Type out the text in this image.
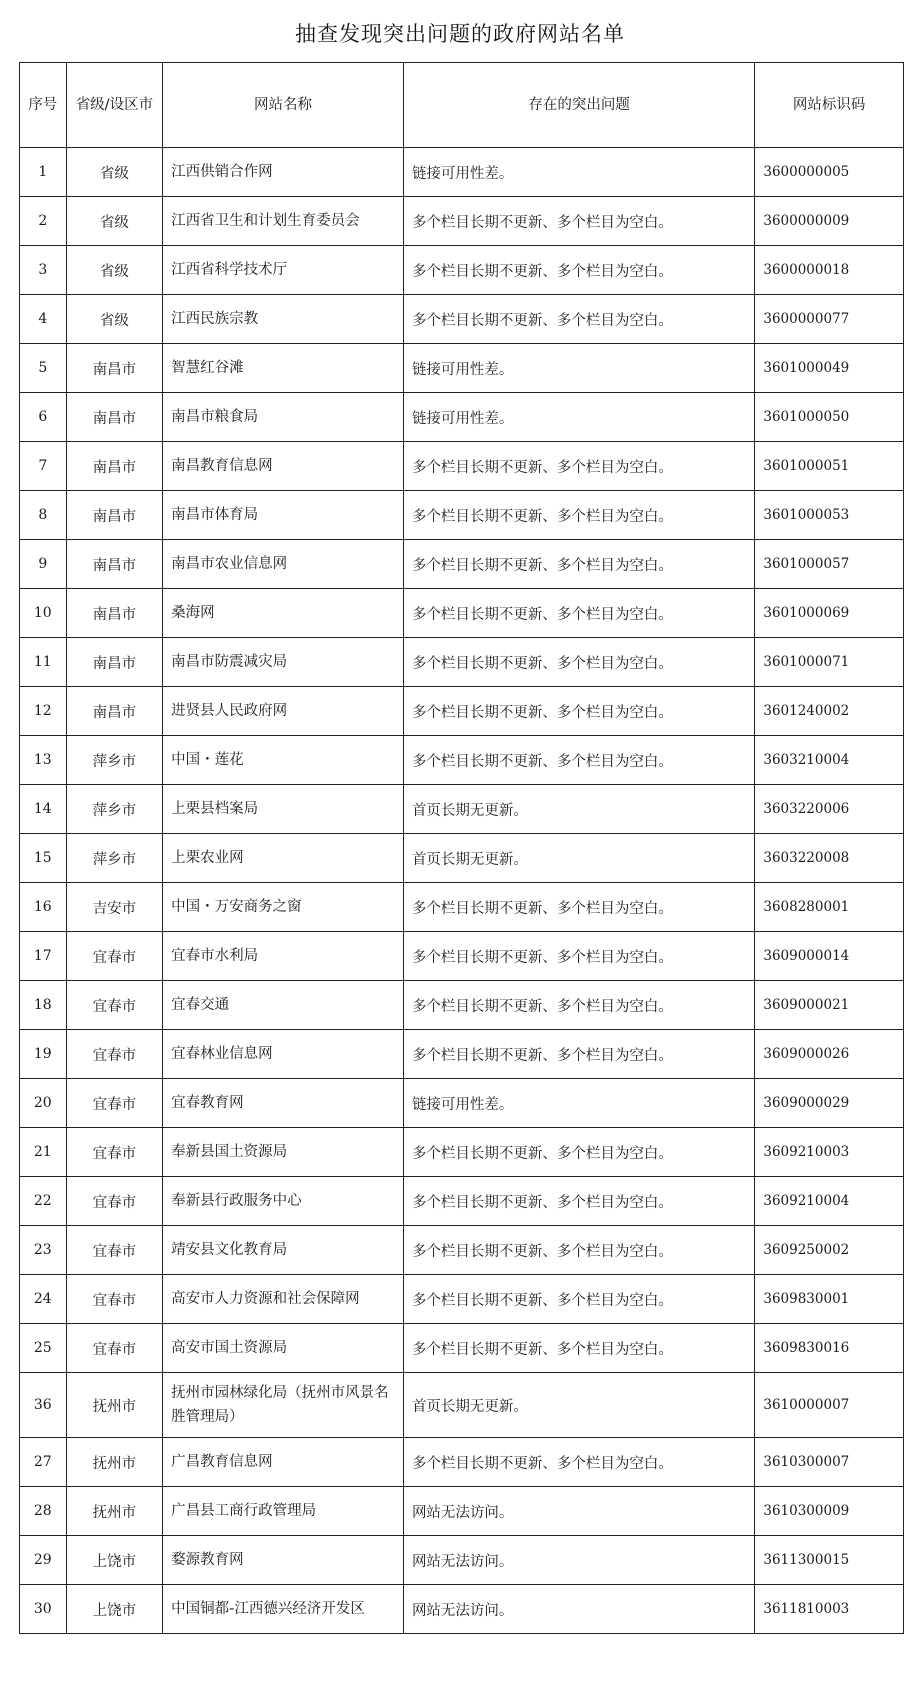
抽查发现突出问题的政府网站名单
序号	省级/设区市	网站名称	存在的突出问题	网站标识码
1	省级	江西供销合作网	链接可用性差。	3600000005
2	省级	江西省卫生和计划生育委员会	多个栏目长期不更新、多个栏目为空白。	3600000009
3	省级	江西省科学技术厅	多个栏目长期不更新、多个栏目为空白。	3600000018
4	省级	江西民族宗教	多个栏目长期不更新、多个栏目为空白。	3600000077
5	南昌市	智慧红谷滩	链接可用性差。	3601000049
6	南昌市	南昌市粮食局	链接可用性差。	3601000050
7	南昌市	南昌教育信息网	多个栏目长期不更新、多个栏目为空白。	3601000051
8	南昌市	南昌市体育局	多个栏目长期不更新、多个栏目为空白。	3601000053
9	南昌市	南昌市农业信息网	多个栏目长期不更新、多个栏目为空白。	3601000057
10	南昌市	桑海网	多个栏目长期不更新、多个栏目为空白。	3601000069
11	南昌市	南昌市防震减灾局	多个栏目长期不更新、多个栏目为空白。	3601000071
12	南昌市	进贤县人民政府网	多个栏目长期不更新、多个栏目为空白。	3601240002
13	萍乡市	中国・莲花	多个栏目长期不更新、多个栏目为空白。	3603210004
14	萍乡市	上栗县档案局	首页长期无更新。	3603220006
15	萍乡市	上栗农业网	首页长期无更新。	3603220008
16	吉安市	中国・万安商务之窗	多个栏目长期不更新、多个栏目为空白。	3608280001
17	宜春市	宜春市水利局	多个栏目长期不更新、多个栏目为空白。	3609000014
18	宜春市	宜春交通	多个栏目长期不更新、多个栏目为空白。	3609000021
19	宜春市	宜春林业信息网	多个栏目长期不更新、多个栏目为空白。	3609000026
20	宜春市	宜春教育网	链接可用性差。	3609000029
21	宜春市	奉新县国土资源局	多个栏目长期不更新、多个栏目为空白。	3609210003
22	宜春市	奉新县行政服务中心	多个栏目长期不更新、多个栏目为空白。	3609210004
23	宜春市	靖安县文化教育局	多个栏目长期不更新、多个栏目为空白。	3609250002
24	宜春市	高安市人力资源和社会保障网	多个栏目长期不更新、多个栏目为空白。	3609830001
25	宜春市	高安市国土资源局	多个栏目长期不更新、多个栏目为空白。	3609830016
36	抚州市	抚州市园林绿化局（抚州市风景名胜管理局）	首页长期无更新。	3610000007
27	抚州市	广昌教育信息网	多个栏目长期不更新、多个栏目为空白。	3610300007
28	抚州市	广昌县工商行政管理局	网站无法访问。	3610300009
29	上饶市	婺源教育网	网站无法访问。	3611300015
30	上饶市	中国铜都-江西德兴经济开发区	网站无法访问。	3611810003
